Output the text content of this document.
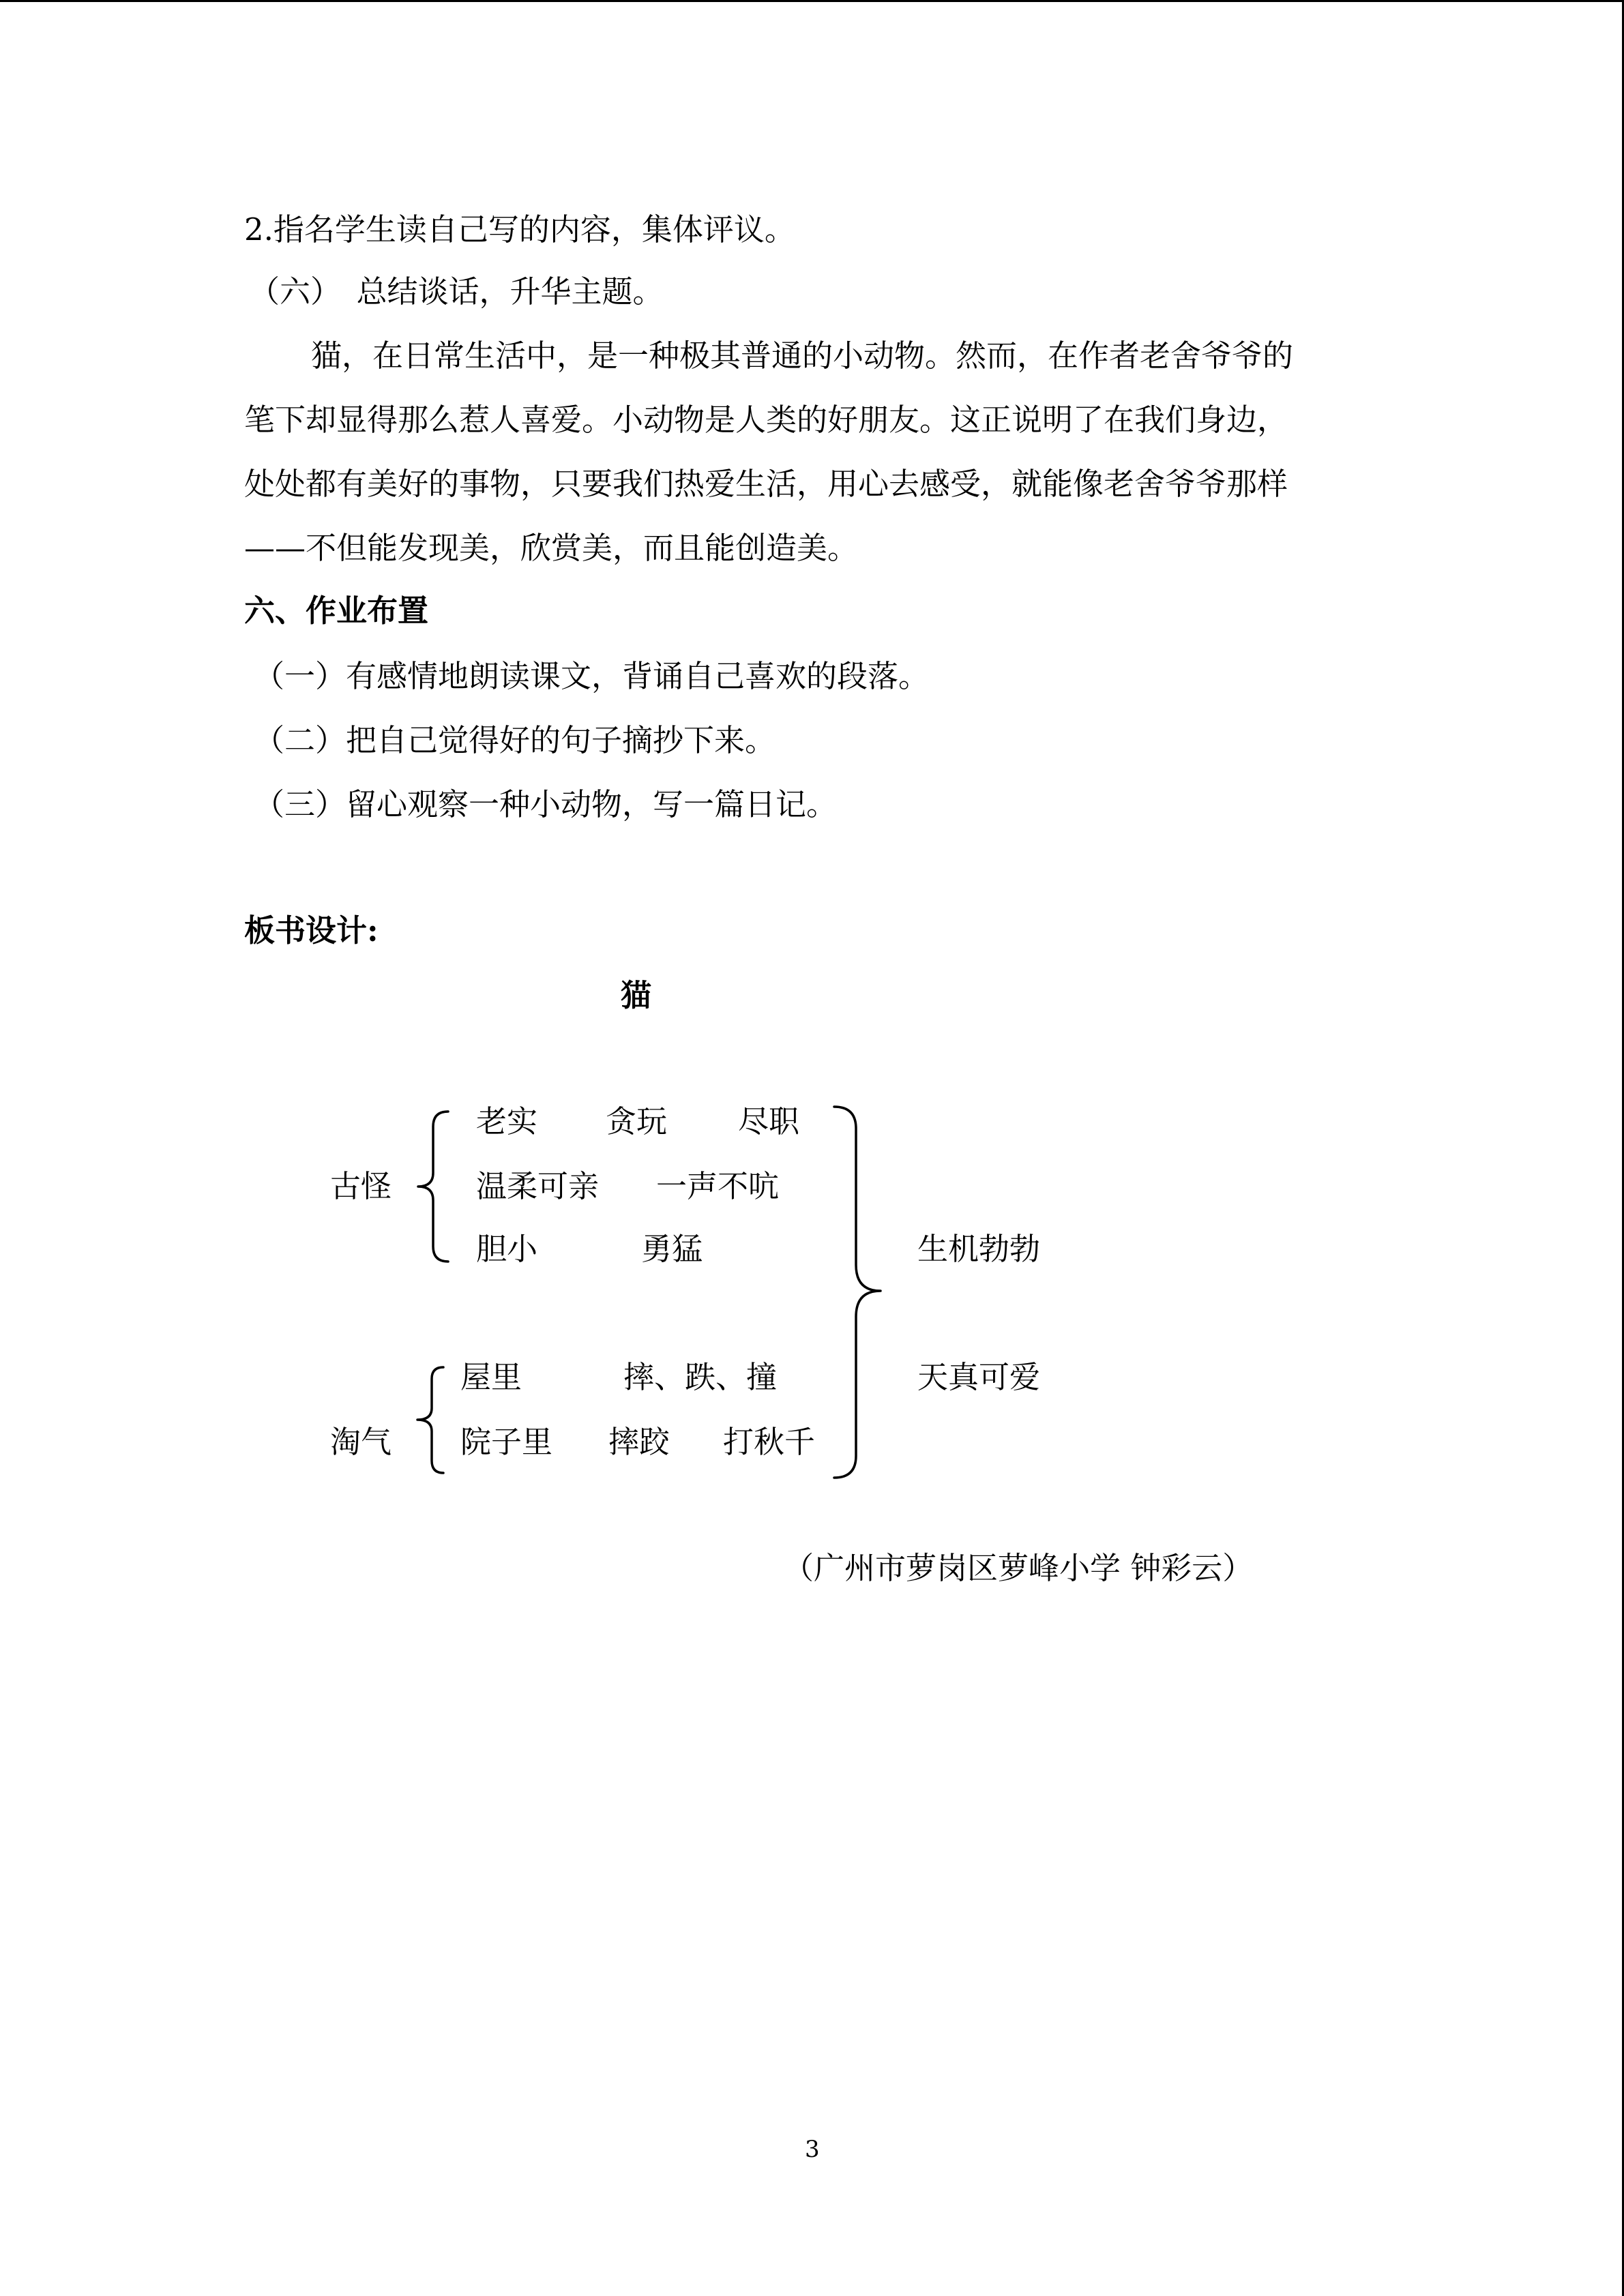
2.指名学生读自己写的内容，集体评议。
（六）　总结谈话，升华主题。
猫，在日常生活中，是一种极其普通的小动物。然而，在作者老舍爷爷的
笔下却显得那么惹人喜爱。小动物是人类的好朋友。这正说明了在我们身边，
处处都有美好的事物，只要我们热爱生活，用心去感受，就能像老舍爷爷那样
——不但能发现美，欣赏美，而且能创造美。
六、作业布置
（一）有感情地朗读课文，背诵自己喜欢的段落。
（二）把自己觉得好的句子摘抄下来。
（三）留心观察一种小动物，写一篇日记。
板书设计:
猫
古怪
老实 贪玩 尽职
温柔可亲 一声不吭
胆小	勇猛
淘气
屋里	摔、跌、撞
院子里 摔跤 打秋千
生机勃勃
天真可爱
（广州市萝岗区萝峰小学 钟彩云）
3
